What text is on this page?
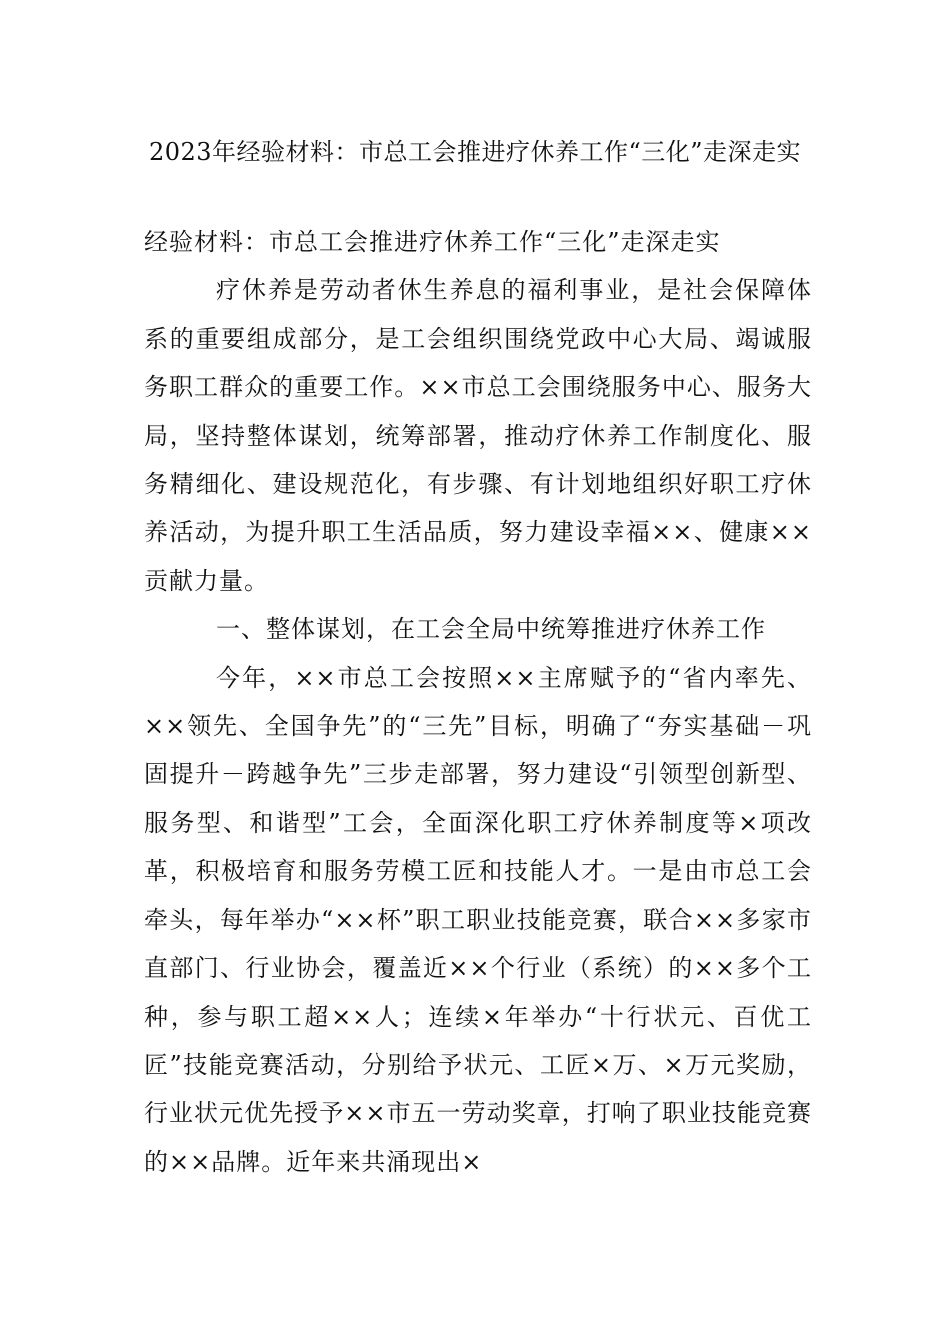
2023年经验材料：市总工会推进疗休养工作“三化”走深走实

经验材料：市总工会推进疗休养工作“三化”走深走实

疗休养是劳动者休生养息的福利事业，是社会保障体系的重要组成部分，是工会组织围绕党政中心大局、竭诚服务职工群众的重要工作。××市总工会围绕服务中心、服务大局，坚持整体谋划，统筹部署，推动疗休养工作制度化、服务精细化、建设规范化，有步骤、有计划地组织好职工疗休养活动，为提升职工生活品质，努力建设幸福××、健康××贡献力量。

一、整体谋划，在工会全局中统筹推进疗休养工作

今年，××市总工会按照××主席赋予的“省内率先、××领先、全国争先”的“三先”目标，明确了“夯实基础－巩固提升－跨越争先”三步走部署，努力建设“引领型创新型、服务型、和谐型”工会，全面深化职工疗休养制度等×项改革，积极培育和服务劳模工匠和技能人才。一是由市总工会牵头，每年举办“××杯”职工职业技能竞赛，联合××多家市直部门、行业协会，覆盖近××个行业（系统）的××多个工种，参与职工超××人；连续×年举办“十行状元、百优工匠”技能竞赛活动，分别给予状元、工匠×万、×万元奖励，行业状元优先授予××市五一劳动奖章，打响了职业技能竞赛的××品牌。近年来共涌现出×
